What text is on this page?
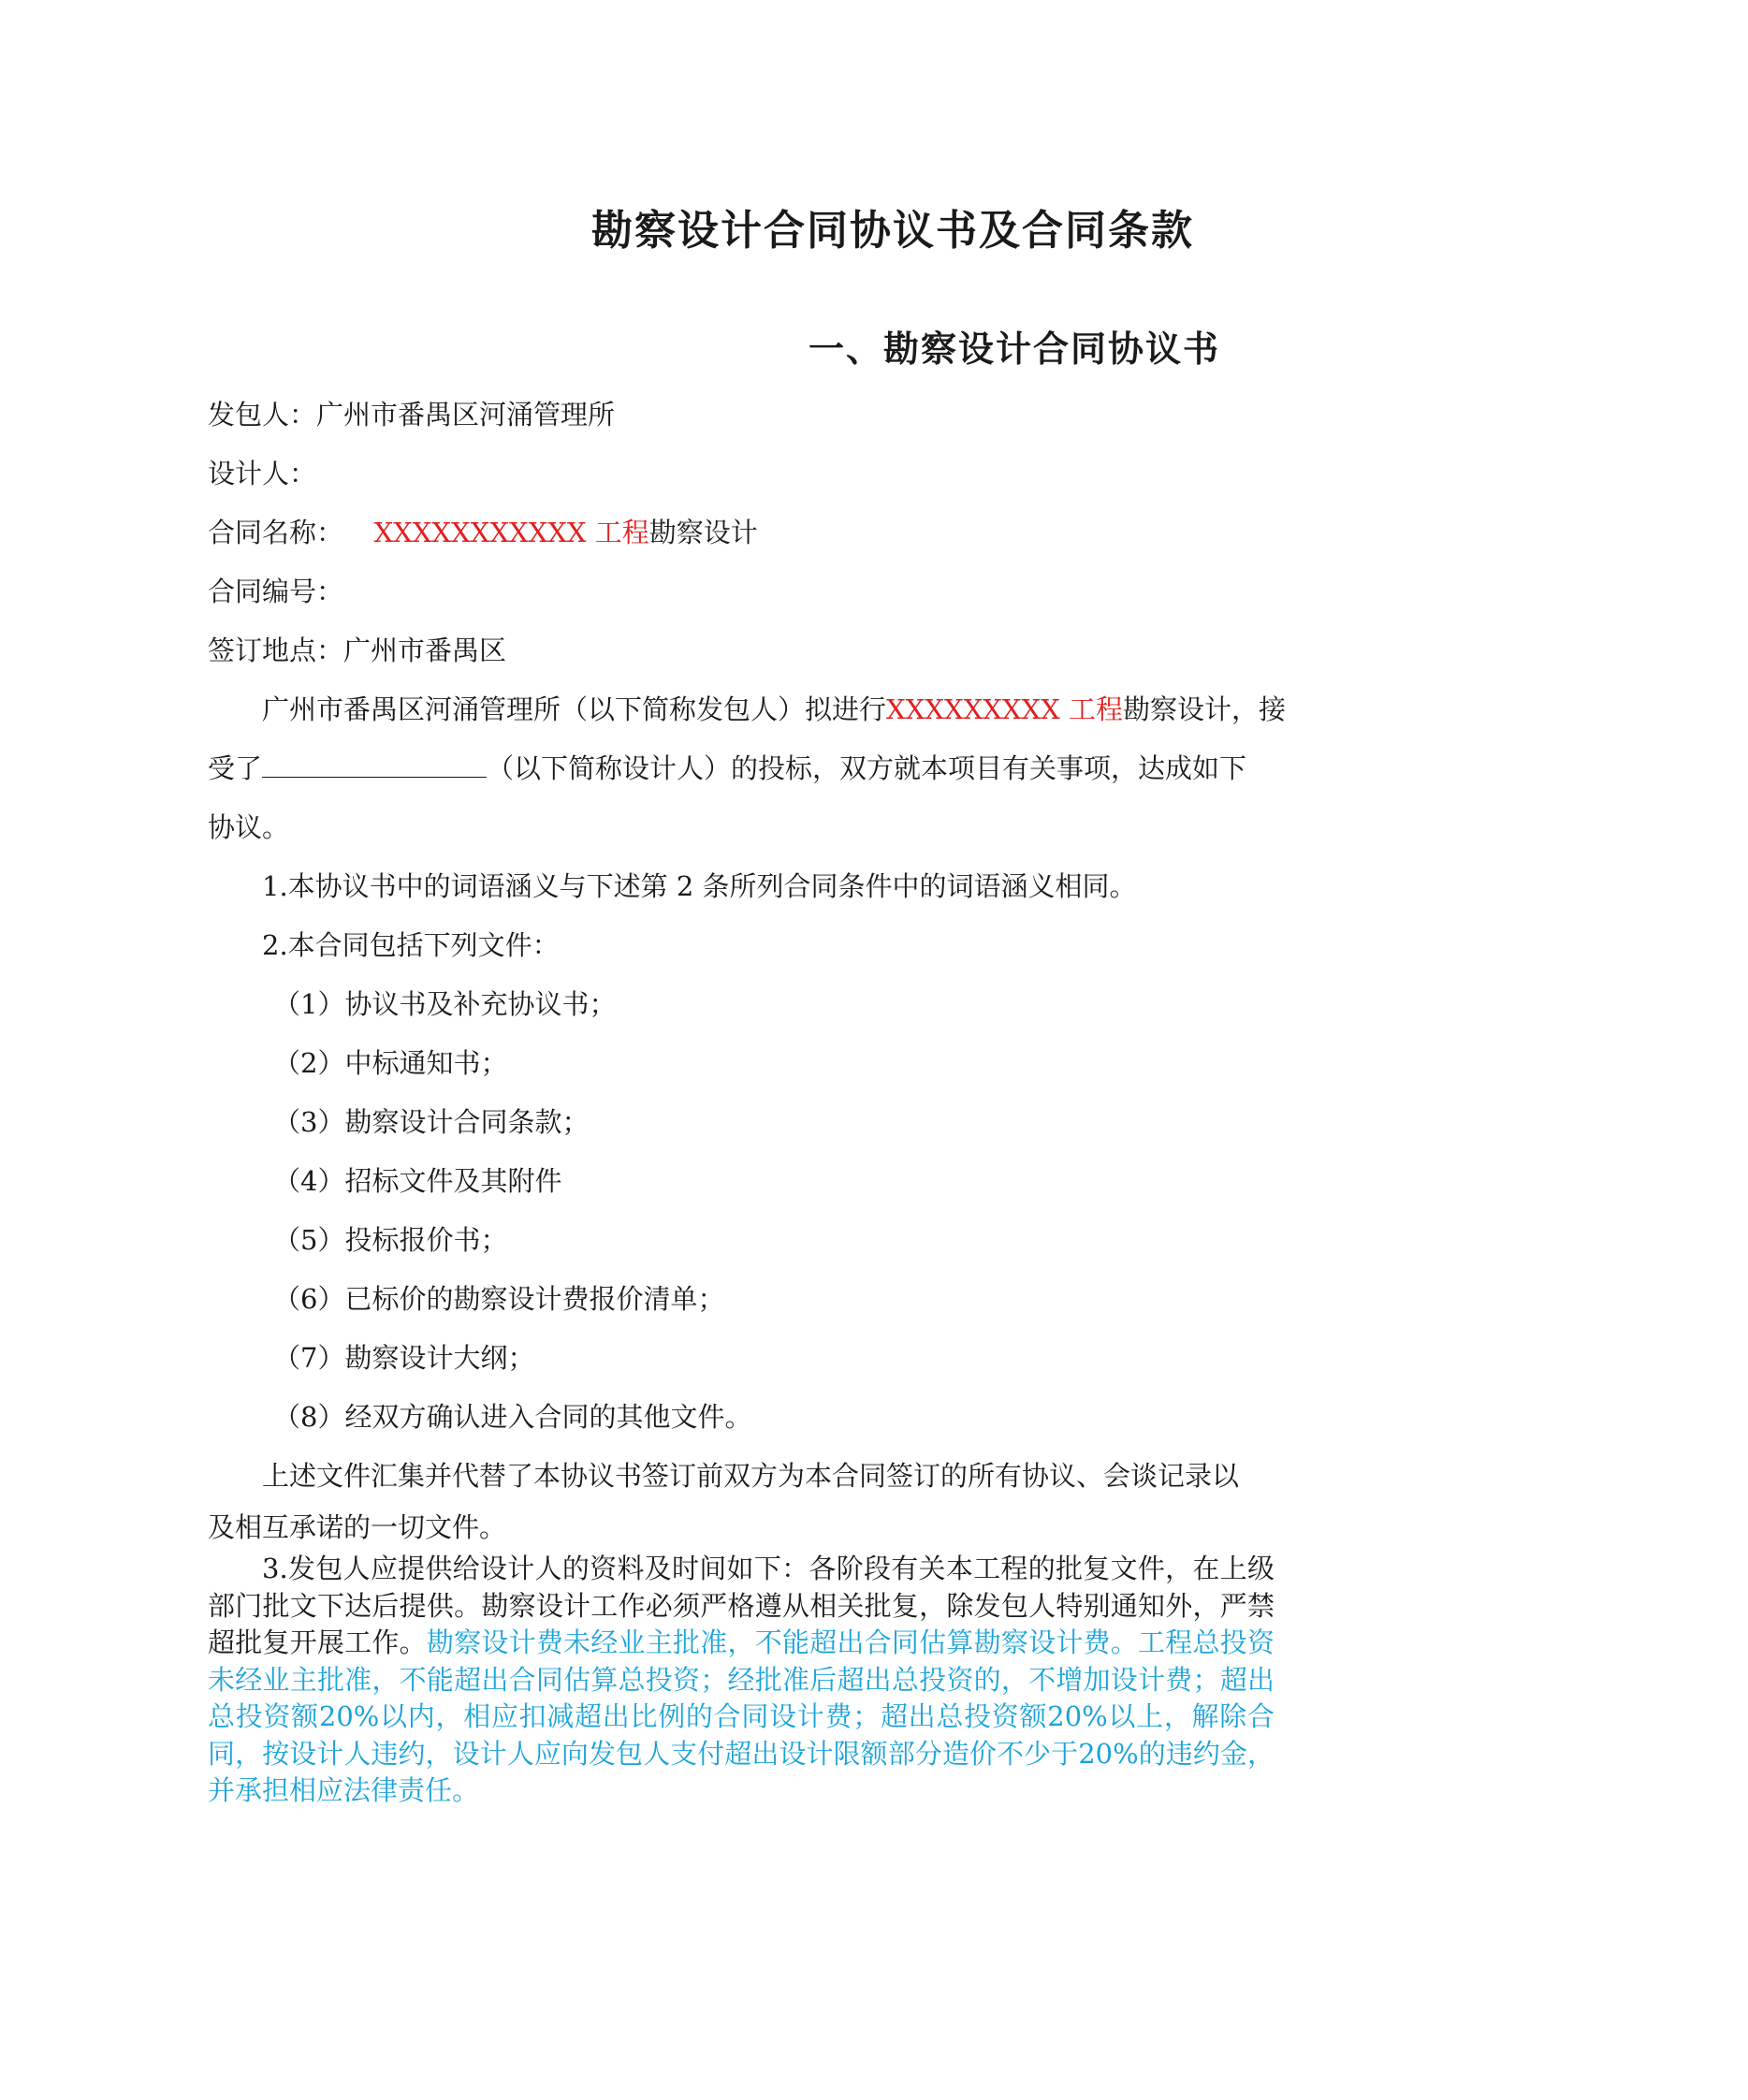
勘察设计合同协议书及合同条款
一、勘察设计合同协议书
发包人：广州市番禺区河涌管理所
设计人：
合同名称： XXXXXXXXXXX 工程勘察设计
合同编号：
签订地点：广州市番禺区
广州市番禺区河涌管理所（以下简称发包人）拟进行XXXXXXXXX 工程勘察设计，接
受了	（以下简称设计人）的投标，双方就本项目有关事项，达成如下
协议。
1.本协议书中的词语涵义与下述第 2 条所列合同条件中的词语涵义相同。
2.本合同包括下列文件：
（1）协议书及补充协议书；
（2）中标通知书；
（3）勘察设计合同条款；
（4）招标文件及其附件
（5）投标报价书；
（6）已标价的勘察设计费报价清单；
（7）勘察设计大纲；
（8）经双方确认进入合同的其他文件。
上述文件汇集并代替了本协议书签订前双方为本合同签订的所有协议、会谈记录以
及相互承诺的一切文件。
3.发包人应提供给设计人的资料及时间如下：各阶段有关本工程的批复文件，在上级部门批文下达后提供。勘察设计工作必须严格遵从相关批复，除发包人特别通知外，严禁超批复开展工作。勘察设计费未经业主批准，不能超出合同估算勘察设计费。工程总投资未经业主批准，不能超出合同估算总投资；经批准后超出总投资的，不增加设计费；超出总投资额20%以内，相应扣减超出比例的合同设计费；超出总投资额20%以上，解除合同，按设计人违约，设计人应向发包人支付超出设计限额部分造价不少于20%的违约金，并承担相应法律责任。
